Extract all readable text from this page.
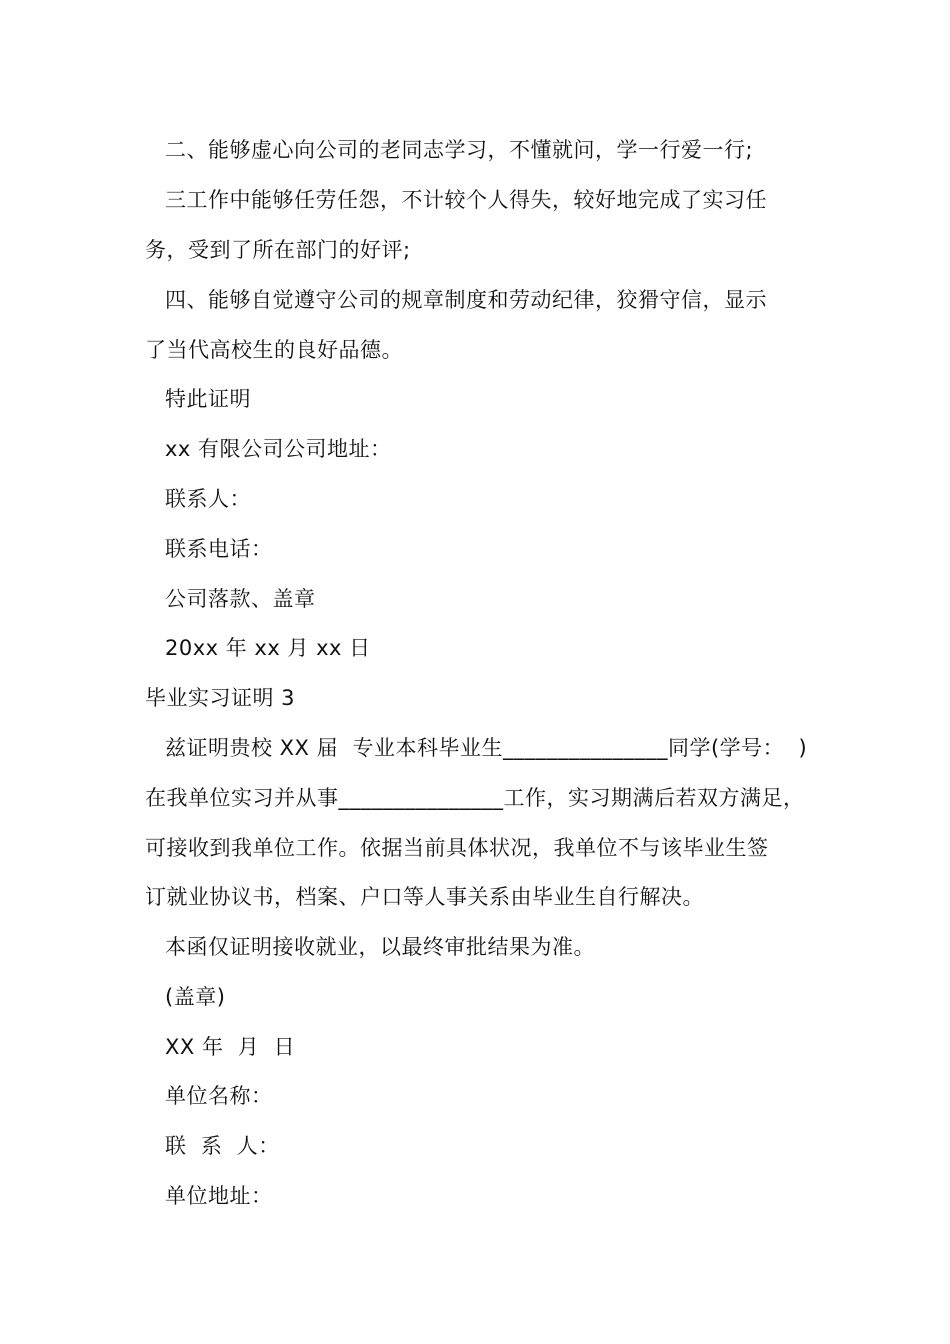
二、能够虚心向公司的老同志学习，不懂就问，学一行爱一行;
三工作中能够任劳任怨，不计较个人得失，较好地完成了实习任
务，受到了所在部门的好评;
四、能够自觉遵守公司的规章制度和劳动纪律，狡猾守信，显示
了当代高校生的良好品德。
特此证明
xx 有限公司公司地址：
联系人：
联系电话：
公司落款、盖章
20xx 年 xx 月 xx 日
毕业实习证明 3
兹证明贵校 XX 届  专业本科毕业生_______________同学(学号：  )
在我单位实习并从事_______________工作，实习期满后若双方满足，
可接收到我单位工作。依据当前具体状况，我单位不与该毕业生签
订就业协议书，档案、户口等人事关系由毕业生自行解决。
本函仅证明接收就业，以最终审批结果为准。
(盖章)
XX 年  月  日
单位名称：
联  系  人：
单位地址：
